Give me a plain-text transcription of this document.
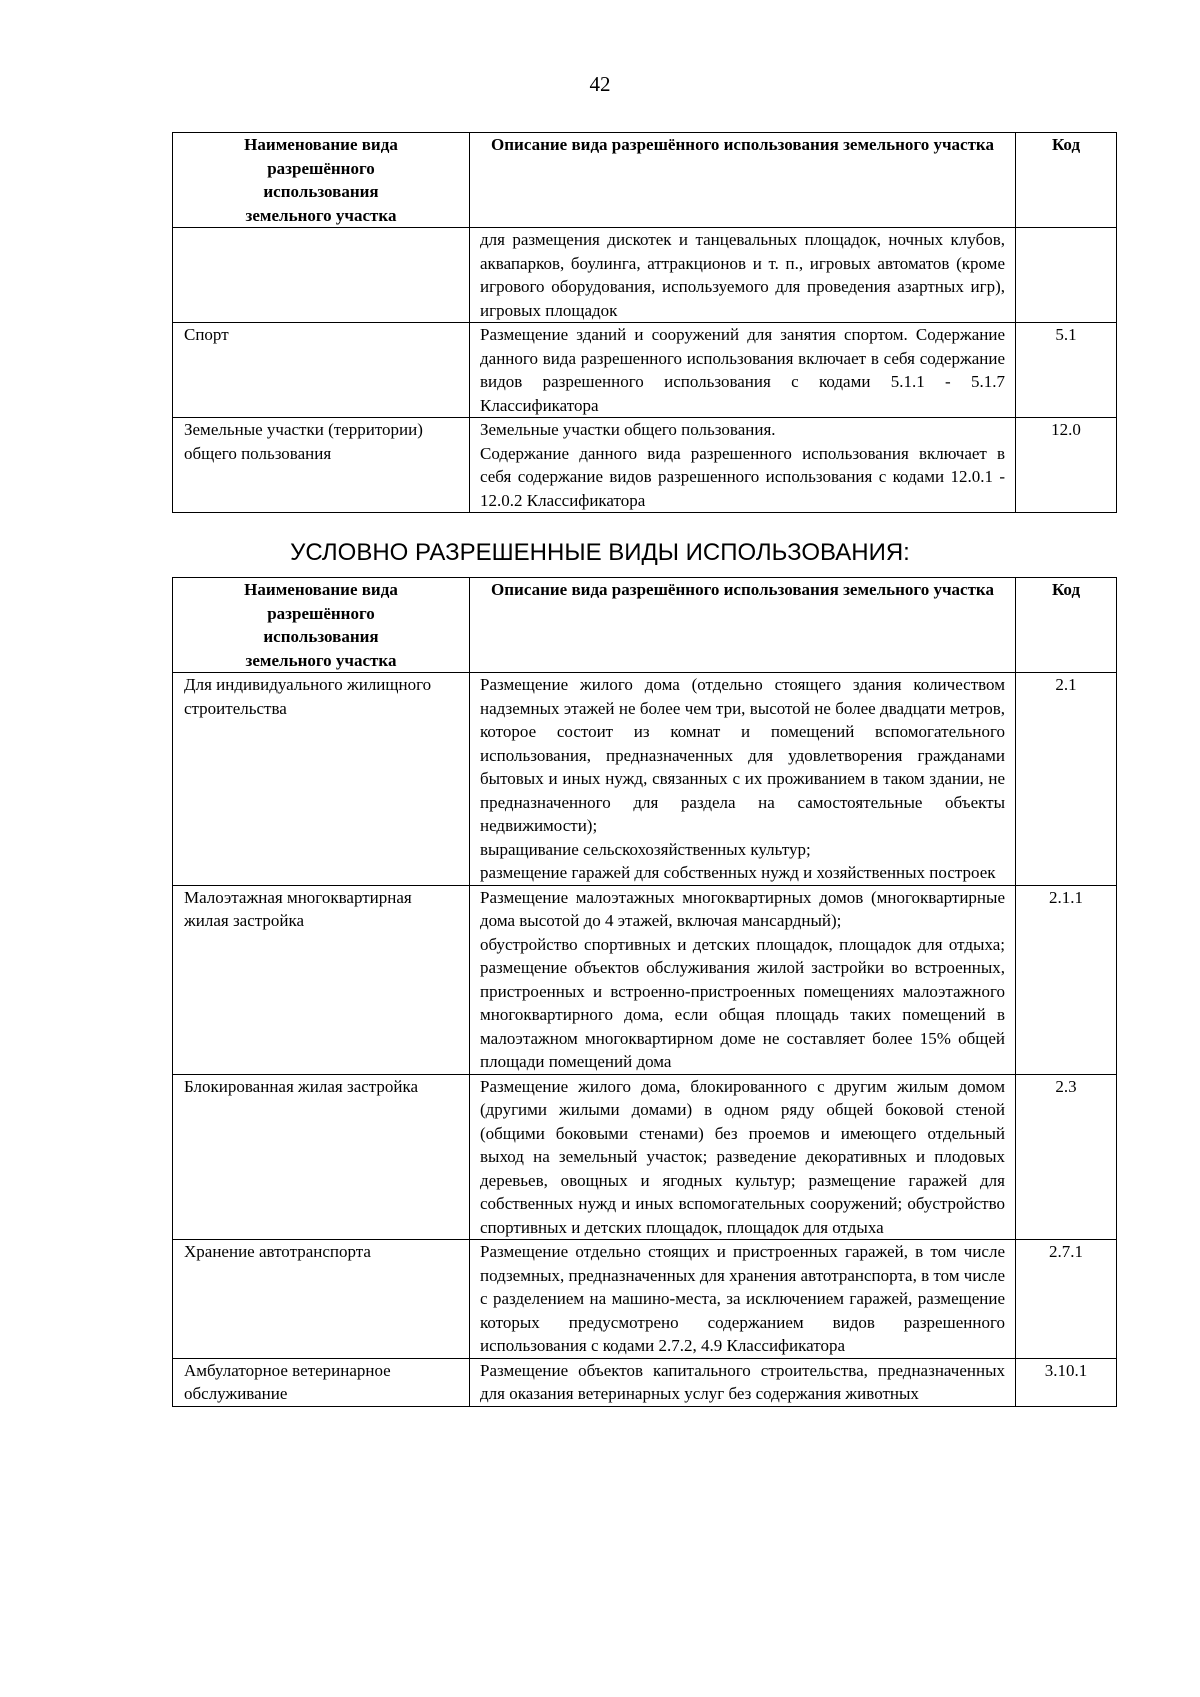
42
Наименование вида разрешённого использования земельного участка	Описание вида разрешённого использования земельного участка	Код
	для размещения дискотек и танцевальных площадок, ночных клубов, аквапарков, боулинга, аттракционов и т. п., игровых автоматов (кроме игрового оборудования, используемого для проведения азартных игр), игровых площадок	
Спорт	Размещение зданий и сооружений для занятия спортом. Содержание данного вида разрешенного использования включает в себя содержание видов разрешенного использования с кодами 5.1.1 - 5.1.7 Классификатора	5.1
Земельные участки (территории) общего пользования	Земельные участки общего пользования.
Содержание данного вида разрешенного использования включает в себя содержание видов разрешенного использования с кодами 12.0.1 - 12.0.2 Классификатора	12.0
УСЛОВНО РАЗРЕШЕННЫЕ ВИДЫ ИСПОЛЬЗОВАНИЯ:
Наименование вида разрешённого использования земельного участка	Описание вида разрешённого использования земельного участка	Код
Для индивидуального жилищного строительства	Размещение жилого дома (отдельно стоящего здания количеством надземных этажей не более чем три, высотой не более двадцати метров, которое состоит из комнат и помещений вспомогательного использования, предназначенных для удовлетворения гражданами бытовых и иных нужд, связанных с их проживанием в таком здании, не предназначенного для раздела на самостоятельные объекты недвижимости);
выращивание сельскохозяйственных культур;
размещение гаражей для собственных нужд и хозяйственных построек	2.1
Малоэтажная многоквартирная жилая застройка	Размещение малоэтажных многоквартирных домов (многоквартирные дома высотой до 4 этажей, включая мансардный);
обустройство спортивных и детских площадок, площадок для отдыха; размещение объектов обслуживания жилой застройки во встроенных, пристроенных и встроенно-пристроенных помещениях малоэтажного многоквартирного дома, если общая площадь таких помещений в малоэтажном многоквартирном доме не составляет более 15% общей площади помещений дома	2.1.1
Блокированная жилая застройка	Размещение жилого дома, блокированного с другим жилым домом (другими жилыми домами) в одном ряду общей боковой стеной (общими боковыми стенами) без проемов и имеющего отдельный выход на земельный участок; разведение декоративных и плодовых деревьев, овощных и ягодных культур; размещение гаражей для собственных нужд и иных вспомогательных сооружений; обустройство спортивных и детских площадок, площадок для отдыха	2.3
Хранение автотранспорта	Размещение отдельно стоящих и пристроенных гаражей, в том числе подземных, предназначенных для хранения автотранспорта, в том числе с разделением на машино-места, за исключением гаражей, размещение которых предусмотрено содержанием видов разрешенного использования с кодами 2.7.2, 4.9 Классификатора	2.7.1
Амбулаторное ветеринарное обслуживание	Размещение объектов капитального строительства, предназначенных для оказания ветеринарных услуг без содержания животных	3.10.1
